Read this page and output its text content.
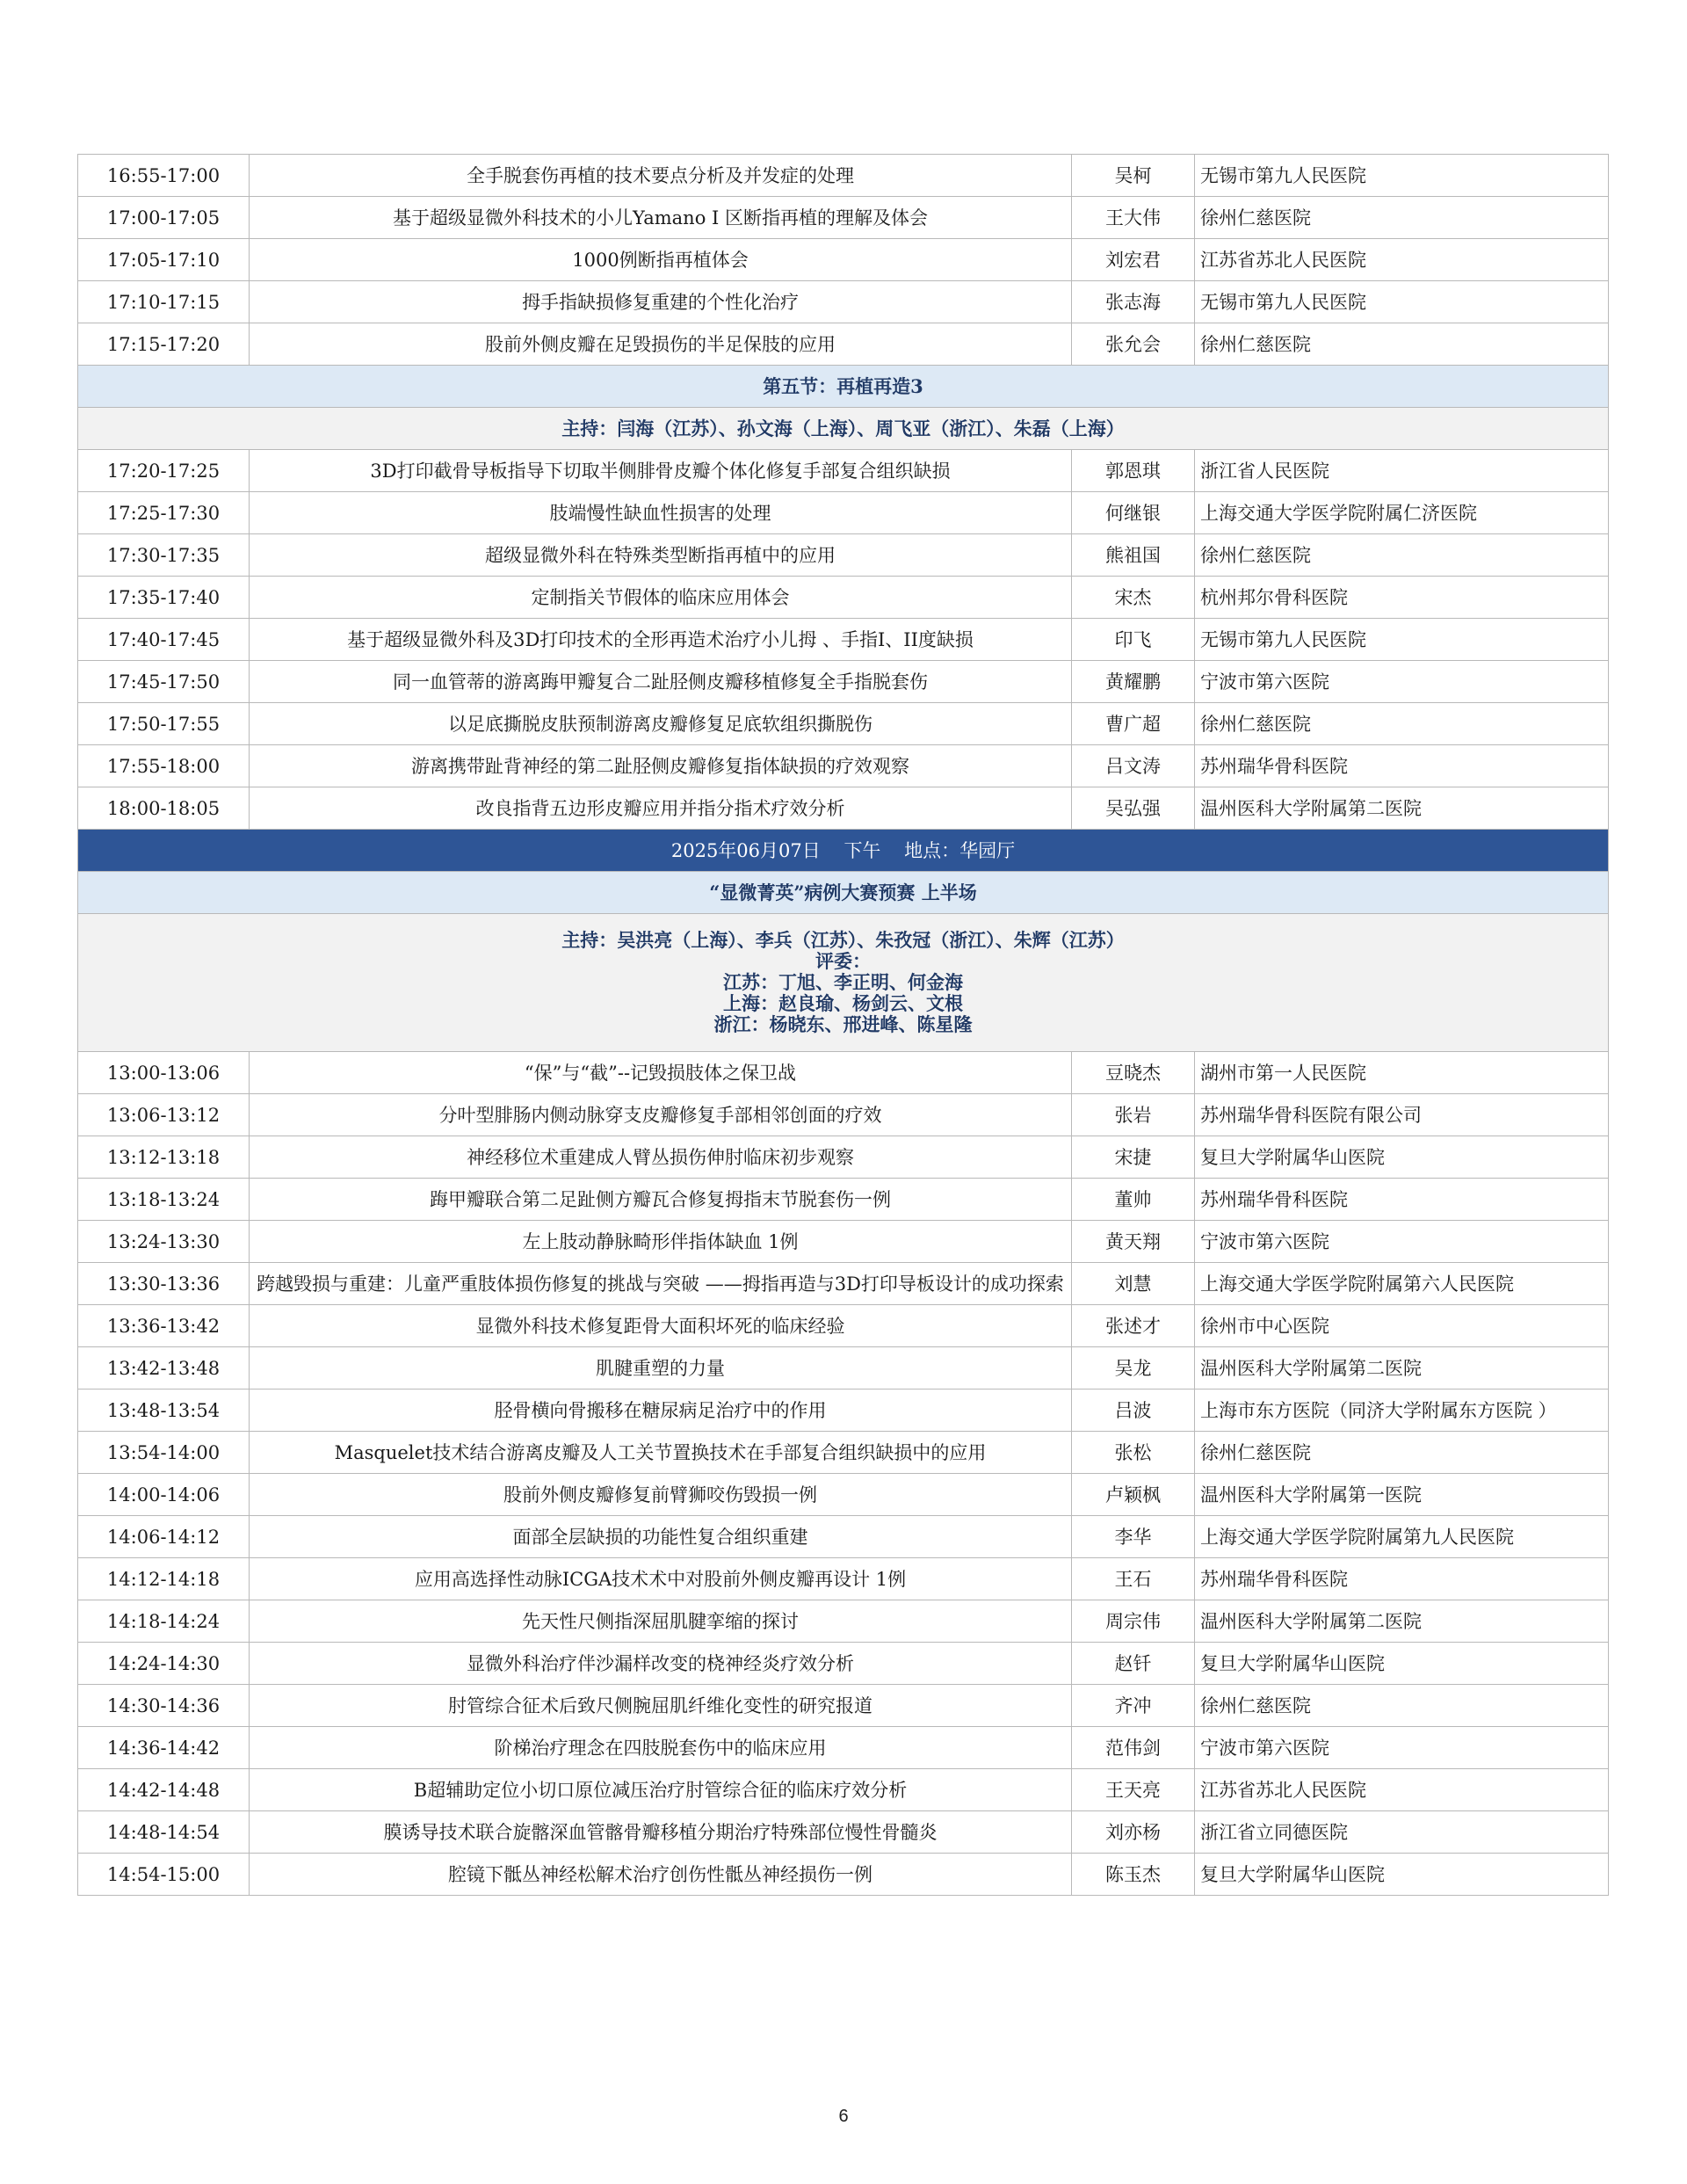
16:55-17:00	全手脱套伤再植的技术要点分析及并发症的处理	吴柯	无锡市第九人民医院
17:00-17:05	基于超级显微外科技术的小儿Yamano I 区断指再植的理解及体会	王大伟	徐州仁慈医院
17:05-17:10	1000例断指再植体会	刘宏君	江苏省苏北人民医院
17:10-17:15	拇手指缺损修复重建的个性化治疗	张志海	无锡市第九人民医院
17:15-17:20	股前外侧皮瓣在足毁损伤的半足保肢的应用	张允会	徐州仁慈医院
第五节：再植再造3			
主持：闫海（江苏）、孙文海（上海）、周飞亚（浙江）、朱磊（上海）			
17:20-17:25	3D打印截骨导板指导下切取半侧腓骨皮瓣个体化修复手部复合组织缺损	郭恩琪	浙江省人民医院
17:25-17:30	肢端慢性缺血性损害的处理	何继银	上海交通大学医学院附属仁济医院
17:30-17:35	超级显微外科在特殊类型断指再植中的应用	熊祖国	徐州仁慈医院
17:35-17:40	定制指关节假体的临床应用体会	宋杰	杭州邦尔骨科医院
17:40-17:45	基于超级显微外科及3D打印技术的全形再造术治疗小儿拇 、手指I、II度缺损	印飞	无锡市第九人民医院
17:45-17:50	同一血管蒂的游离踇甲瓣复合二趾胫侧皮瓣移植修复全手指脱套伤	黄耀鹏	宁波市第六医院
17:50-17:55	以足底撕脱皮肤预制游离皮瓣修复足底软组织撕脱伤	曹广超	徐州仁慈医院
17:55-18:00	游离携带趾背神经的第二趾胫侧皮瓣修复指体缺损的疗效观察	吕文涛	苏州瑞华骨科医院
18:00-18:05	改良指背五边形皮瓣应用并指分指术疗效分析	吴弘强	温州医科大学附属第二医院
2025年06月07日 下午 地点：华园厅			
“显微菁英”病例大赛预赛 上半场			

主持：吴洪亮（上海）、李兵（江苏）、朱孜冠（浙江）、朱辉（江苏）
评委：
江苏：丁旭、李正明、何金海
上海：赵良瑜、杨剑云、文根
浙江：杨晓东、邢进峰、陈星隆			

13:00-13:06	“保”与“截”--记毁损肢体之保卫战	豆晓杰	湖州市第一人民医院
13:06-13:12	分叶型腓肠内侧动脉穿支皮瓣修复手部相邻创面的疗效	张岩	苏州瑞华骨科医院有限公司
13:12-13:18	神经移位术重建成人臂丛损伤伸肘临床初步观察	宋捷	复旦大学附属华山医院
13:18-13:24	踇甲瓣联合第二足趾侧方瓣瓦合修复拇指末节脱套伤一例	董帅	苏州瑞华骨科医院
13:24-13:30	左上肢动静脉畸形伴指体缺血 1例	黄天翔	宁波市第六医院
13:30-13:36	跨越毁损与重建：儿童严重肢体损伤修复的挑战与突破 ——拇指再造与3D打印导板设计的成功探索	刘慧	上海交通大学医学院附属第六人民医院
13:36-13:42	显微外科技术修复距骨大面积坏死的临床经验	张述才	徐州市中心医院
13:42-13:48	肌腱重塑的力量	吴龙	温州医科大学附属第二医院
13:48-13:54	胫骨横向骨搬移在糖尿病足治疗中的作用	吕波	上海市东方医院（同济大学附属东方医院 ）
13:54-14:00	Masquelet技术结合游离皮瓣及人工关节置换技术在手部复合组织缺损中的应用	张松	徐州仁慈医院
14:00-14:06	股前外侧皮瓣修复前臂狮咬伤毁损一例	卢颖枫	温州医科大学附属第一医院
14:06-14:12	面部全层缺损的功能性复合组织重建	李华	上海交通大学医学院附属第九人民医院
14:12-14:18	应用高选择性动脉ICGA技术术中对股前外侧皮瓣再设计 1例	王石	苏州瑞华骨科医院
14:18-14:24	先天性尺侧指深屈肌腱挛缩的探讨	周宗伟	温州医科大学附属第二医院
14:24-14:30	显微外科治疗伴沙漏样改变的桡神经炎疗效分析	赵钎	复旦大学附属华山医院
14:30-14:36	肘管综合征术后致尺侧腕屈肌纤维化变性的研究报道	齐冲	徐州仁慈医院
14:36-14:42	阶梯治疗理念在四肢脱套伤中的临床应用	范伟剑	宁波市第六医院
14:42-14:48	B超辅助定位小切口原位减压治疗肘管综合征的临床疗效分析	王天亮	江苏省苏北人民医院
14:48-14:54	膜诱导技术联合旋髂深血管髂骨瓣移植分期治疗特殊部位慢性骨髓炎	刘亦杨	浙江省立同德医院
14:54-15:00	腔镜下骶丛神经松解术治疗创伤性骶丛神经损伤一例	陈玉杰	复旦大学附属华山医院
6
